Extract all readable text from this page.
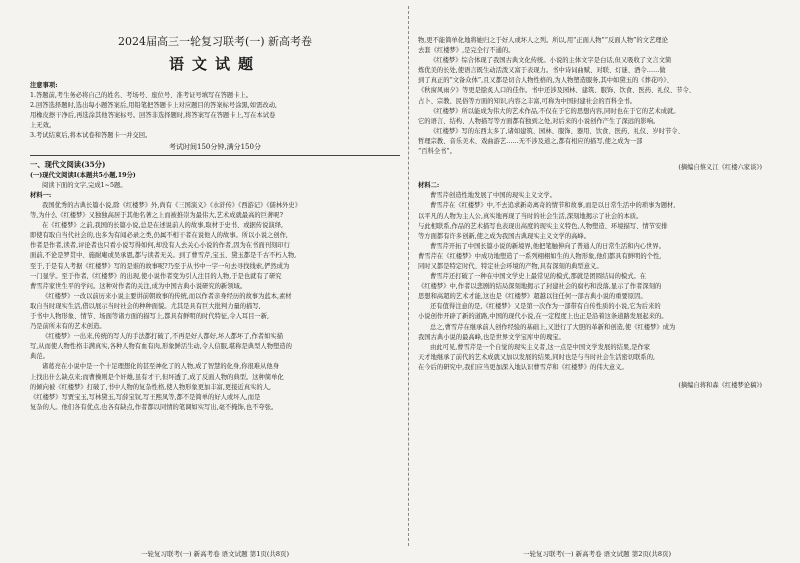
2024届高三一轮复习联考(一) 新高考卷
语文试题

注意事项:

1.答题前,考生务必将自己的姓名、考场号、座位号、准考证号填写在答题卡上。

2.回答选择题时,选出每小题答案后,用铅笔把答题卡上对应题目的答案标号涂黑,如需改动,

用橡皮擦干净后,再选涂其他答案标号。回答非选择题时,将答案写在答题卡上,写在本试卷

上无效。

3.考试结束后,将本试卷和答题卡一并交回。

考试时间150分钟,满分150分

一、现代文阅读(35分)

(一)现代文阅读Ⅰ(本题共5小题,19分)

阅读下面的文字,完成1~5题。

材料一:

我国优秀的古典长篇小说,除《红楼梦》外,尚有《三国演义》《水浒传》《西游记》《儒林外史》

等,为什么《红楼梦》又独独高居于其他名著之上而被推崇为最伟大,艺术成就最高的巨著呢?

在《红楼梦》之前,我国的长篇小说,总是在述说前人的故事,取材于史书、或据传说演绎,

即使有取自当代社会的,也多为有闻必录之类,仍属不相干者在说他人的故事。所以小说之创作,

作者是作者,读者,评论者也只看小说写得如何,却没有人去关心小说的作者,因为在书面刊刻印行

面前,不论是罗贯中、施耐庵或吴承恩,都与读者无关。到了曹雪芹,宝玉、黛玉都是千古不朽人物,

至于,于是有人考据《红楼梦》写的是谁的故事呢?乃至于从书中一字一句去寻找线索,俨然成为

一门显学。至于作者,《红楼梦》的出现,使小说作者变为引人注目的人物,于是也就有了研究

曹雪芹家世生平的学问。这种对作者的关注,成为中国古典小说研究的新领域。

《红楼梦》一改以前历来小说主要讲前朝故事的传统,而以作者亲身经历的故事为蓝本,素材

取自当时现实生活,借以展示当时社会的种种面貌。尤其是具有巨大批判力量的描写,

于书中人物形象、情节、场面等诸方面的描写上,都具有鲜明的时代特征,令人耳目一新,

乃是前所未有的艺术创造。

《红楼梦》一出来,传统的写人的手法都打破了,不再是好人都好,坏人都坏了,作者如实描

写,从而使人物性格丰满真实,各种人物有血有肉,形象鲜活生动,令人信服,堪称是典型人物塑造的

典范。

诸葛亮在小说中是一个十足理想化的甚至神化了的人物,成了智慧的化身,你很难从他身

上找出什么缺点来;而曹操则是个奸雄,虽有才干,但坏透了,成了反面人物的典型。这种简单化

的倾向被《红楼梦》打破了,书中人物的复杂性格,使人物形象更加丰富,更接近真实的人,

《红楼梦》写贾宝玉,写林黛玉,写薛宝钗,写王熙凤等,都不是简单的好人或坏人,而是

复杂的人。他们各有优点,也各有缺点,作者都以同情的笔调如实写出,毫不掩饰,也不夸张。

一轮复习联考(一) 新高考卷 语文试题 第1页(共8页)

物,更不能简单化地将她归之于好人或坏人之列。所以,用“正面人物”“反面人物”的文艺理论

去套《红楼梦》,是完全行不通的。

《红楼梦》综合体现了我国古典文化传统。小说的主体文字是白话,但又吸收了文言文简

炼优美的长处,使语言既生动活泼又富于表现力。书中诗词曲赋、对联、灯谜、酒令……做

到了真正的“文备众体”,且又都是切合人物性格的,为人物塑造服务,其中如黛玉的《葬花吟》、

《秋窗风雨夕》等更是脍炙人口的佳作。书中还涉及园林、建筑、服饰、饮食、医药、礼仪、节令、

占卜、宗教、民俗等方面的知识,内容之丰富,可称为中国封建社会的百科全书。

《红楼梦》所以能成为伟大的艺术作品,不仅在于它的思想内容,同时也在于它的艺术成就。

它的语言、结构、人物描写等方面都有独到之处,对后来的小说创作产生了深远的影响。

《红楼梦》写的东西太多了,诸如建筑、园林、服饰、器用、饮食、医药、礼仪、岁时节令、

哲理宗教、音乐美术、戏曲游艺……无不涉及道之,都有相应的描写,使之成为一部

“百科全书”。

(摘编自蔡义江《红楼六家谈》)

材料二:

曹雪芹创造性地发展了中国的现实主义文学。

曹雪芹在《红楼梦》中,不去追求新奇离奇的情节和故事,而是以日常生活中的琐事为题材,

以平凡的人物为主人公,真实地再现了当时的社会生活,深刻地揭示了社会的本质。

与此相联系,作品的艺术描写也表现出高度的现实主义特色,人物塑造、环境描写、情节安排

等方面都有许多创新,使之成为我国古典现实主义文学的高峰。

曹雪芹开拓了中国长篇小说的新境界,他把笔触伸向了普通人的日常生活和内心世界。

曹雪芹在《红楼梦》中成功地塑造了一系列栩栩如生的人物形象,他们都具有鲜明的个性,

同时又都是特定时代、特定社会环境的产物,具有深刻的典型意义。

曹雪芹还打破了一种在中国文学史上最常见的模式,那就是团圆结局的模式。在

《红楼梦》中,作者以悲剧的结局深刻地揭示了封建社会的腐朽和没落,显示了作者深刻的

思想和高超的艺术才能,这也是《红楼梦》超越以往任何一部古典小说的重要原因。

还有值得注意的是,《红楼梦》又是第一次作为一部带有自传性质的小说,它为后来的

小说创作开辟了新的道路,中国的现代小说,在一定程度上也正是沿着这条道路发展起来的。

总之,曹雪芹在继承前人创作经验的基础上,又进行了大胆的革新和创造,使《红楼梦》成为

我国古典小说的最高峰,也是世界文学宝库中的瑰宝。

由此可见,曹雪芹是一个自觉的现实主义者,这一点是中国文学发展的结果,是作家

天才地继承了前代的艺术成就又加以发展的结果,同时也是与当时社会生活密切联系的,

在今后的研究中,我们应当更加深入地认识曹雪芹和《红楼梦》的伟大意义。

(摘编自蒋和森《红楼梦论稿》)

一轮复习联考(一) 新高考卷 语文试题 第2页(共8页)
